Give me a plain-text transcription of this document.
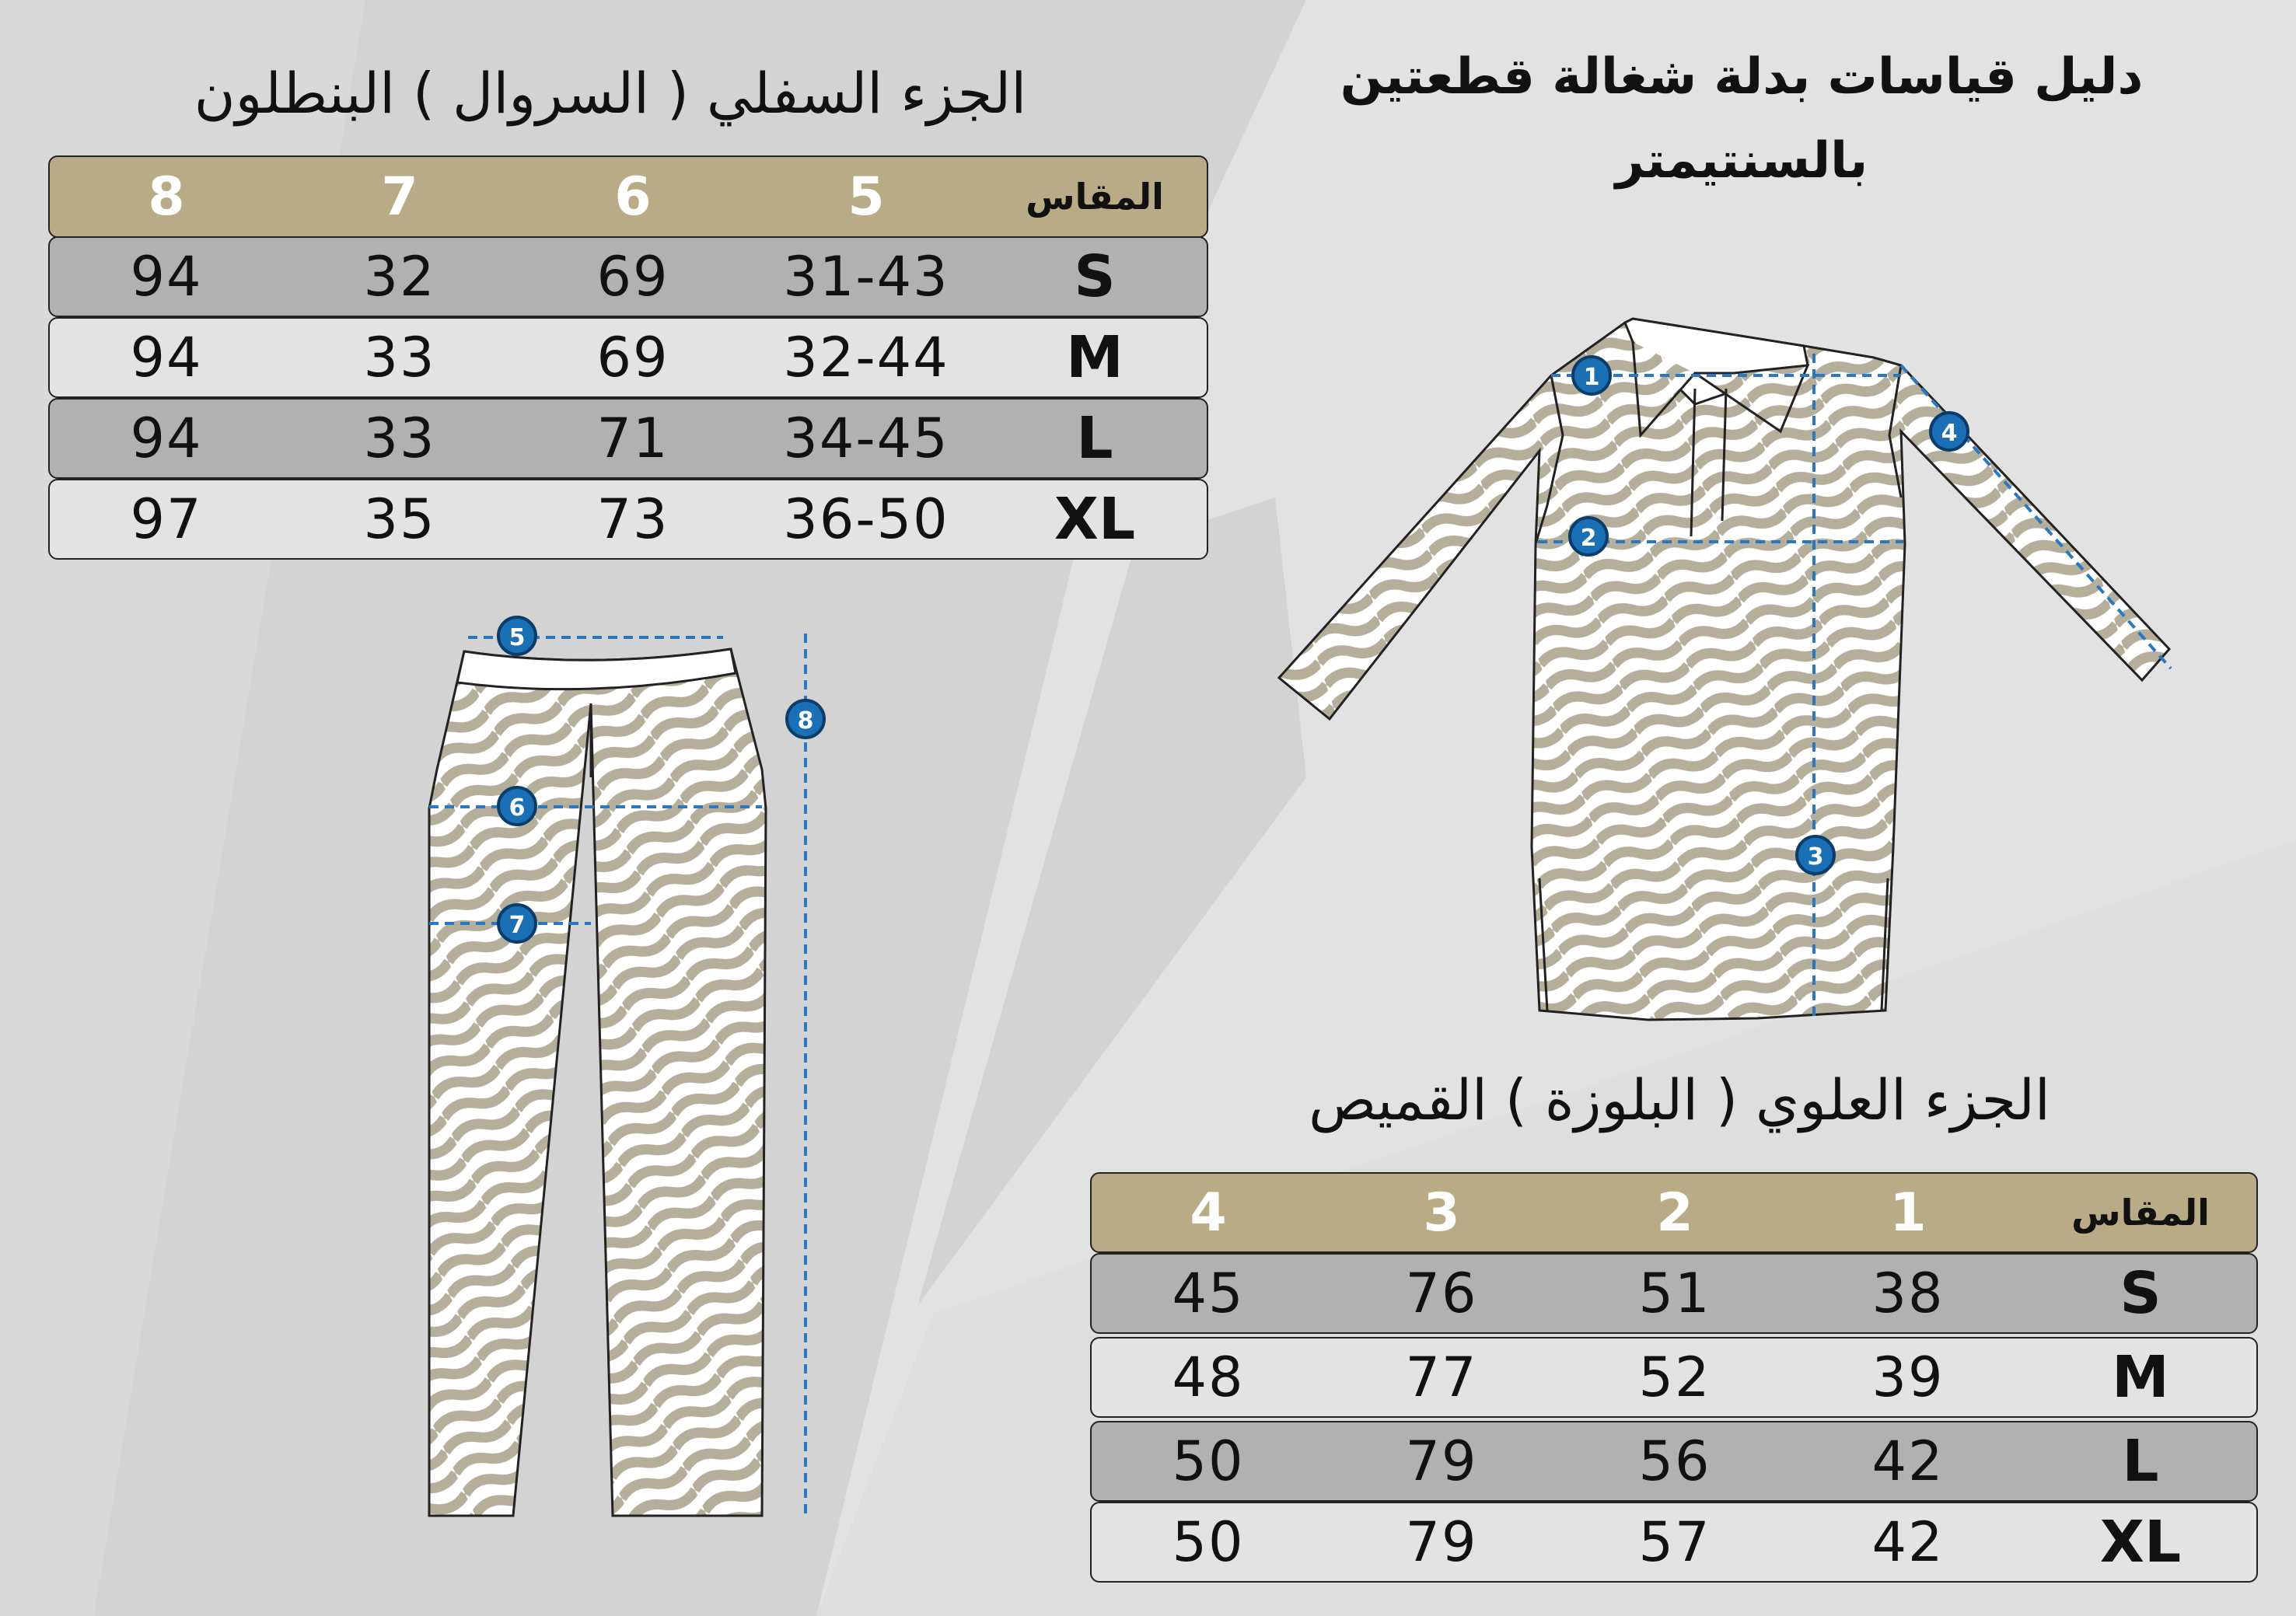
دليل قياسات بدلة شغالة قطعتين
بالسنتيمتر
الجزء السفلي ( السروال ) البنطلون
الجزء العلوي ( البلوزة ) القميص
8	7	6	5	المقاس
94	32	69	31-43	S
94	33	69	32-44	M
94	33	71	34-45	L
97	35	73	36-50	XL
4	3	2	1	المقاس
45	76	51	38	S
48	77	52	39	M
50	79	56	42	L
50	79	57	42	XL
1
2
3
4
5
6
7
8
